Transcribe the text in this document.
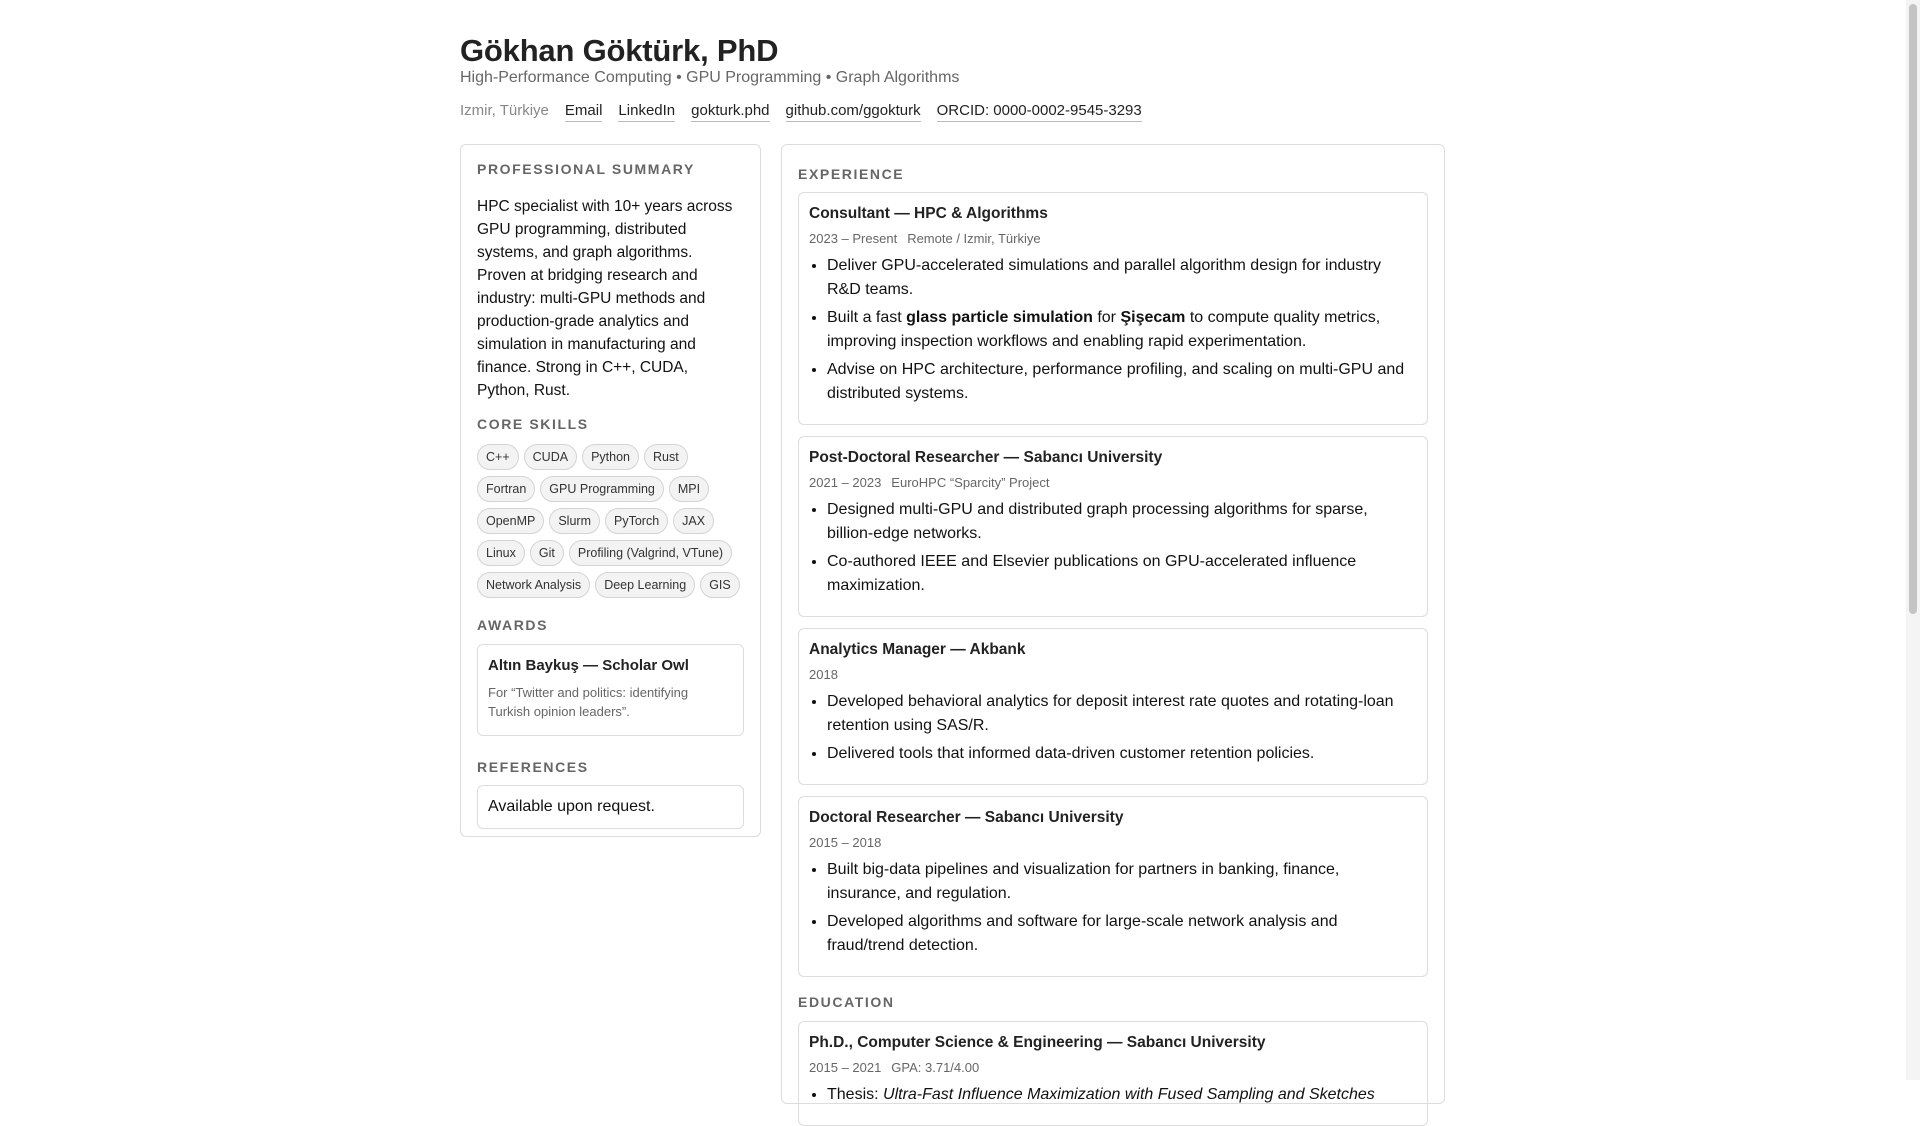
Gökhan Göktürk, PhD
High-Performance Computing • GPU Programming • Graph Algorithms
Izmir, Türkiye Email LinkedIn gokturk.phd github.com/ggokturk ORCID: 0000-0002-9545-3293
PROFESSIONAL SUMMARY

HPC specialist with 10+ years across GPU programming, distributed systems, and graph algorithms. Proven at bridging research and industry: multi-GPU methods and production-grade analytics and simulation in manufacturing and finance. Strong in C++, CUDA, Python, Rust.

CORE SKILLS
C++	CUDA	Python	Rust
Fortran	GPU Programming	MPI
OpenMP	Slurm	PyTorch	JAX
Linux	Git	Profiling (Valgrind, VTune)
Network Analysis	Deep Learning	GIS
AWARDS
Altın Baykuş — Scholar Owl
For “Twitter and politics: identifying Turkish opinion leaders”.
REFERENCES
Available upon request.
EXPERIENCE
Consultant — HPC & Algorithms
2023 – Present Remote / Izmir, Türkiye
• Deliver GPU-accelerated simulations and parallel algorithm design for industry R&D teams.
• Built a fast glass particle simulation for Şişecam to compute quality metrics, improving inspection workflows and enabling rapid experimentation.
• Advise on HPC architecture, performance profiling, and scaling on multi-GPU and distributed systems.
Post-Doctoral Researcher — Sabancı University
2021 – 2023 EuroHPC “Sparcity” Project
• Designed multi-GPU and distributed graph processing algorithms for sparse, billion-edge networks.
• Co-authored IEEE and Elsevier publications on GPU-accelerated influence maximization.
Analytics Manager — Akbank
2018
• Developed behavioral analytics for deposit interest rate quotes and rotating-loan retention using SAS/R.
• Delivered tools that informed data-driven customer retention policies.
Doctoral Researcher — Sabancı University
2015 – 2018
• Built big-data pipelines and visualization for partners in banking, finance, insurance, and regulation.
• Developed algorithms and software for large-scale network analysis and fraud/trend detection.
EDUCATION
Ph.D., Computer Science & Engineering — Sabancı University
2015 – 2021 GPA: 3.71/4.00
• Thesis: Ultra-Fast Influence Maximization with Fused Sampling and Sketches
